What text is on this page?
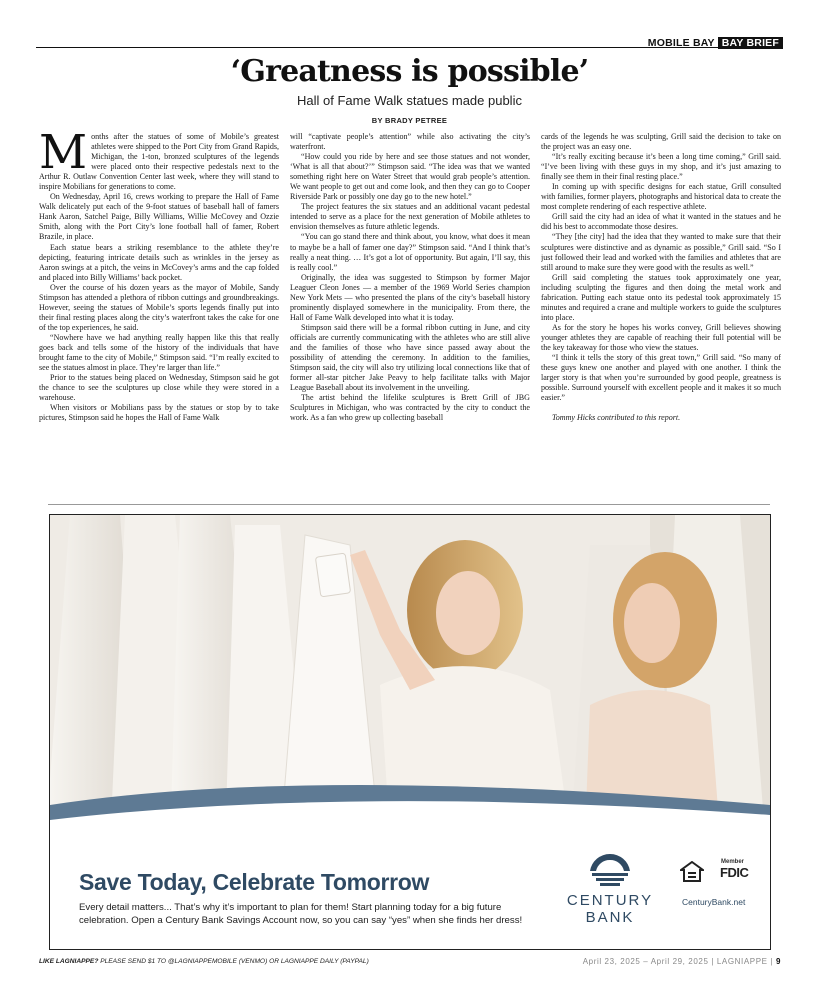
MOBILE BAY BAY BRIEF
‘Greatness is possible’
Hall of Fame Walk statues made public
BY BRADY PETREE

Months after the statues of some of Mobile’s greatest athletes were shipped to the Port City from Grand Rapids, Michigan, the 1-ton, bronzed sculptures of the legends were placed onto their respective pedestals next to the Arthur R. Outlaw Convention Center last week, where they will stand to inspire Mobilians for generations to come.

On Wednesday, April 16, crews working to prepare the Hall of Fame Walk delicately put each of the 9-foot statues of baseball hall of famers Hank Aaron, Satchel Paige, Billy Williams, Willie McCovey and Ozzie Smith, along with the Port City’s lone football hall of famer, Robert Brazile, in place.

Each statue bears a striking resemblance to the athlete they’re depicting, featuring intricate details such as wrinkles in the jersey as Aaron swings at a pitch, the veins in McCovey’s arms and the cap folded and placed into Billy Williams’ back pocket.

Over the course of his dozen years as the mayor of Mobile, Sandy Stimpson has attended a plethora of ribbon cuttings and groundbreakings. However, seeing the statues of Mobile’s sports legends finally put into their final resting places along the city’s waterfront takes the cake for one of the top experiences, he said.

“Nowhere have we had anything really happen like this that really goes back and tells some of the history of the individuals that have brought fame to the city of Mobile,” Stimpson said. “I’m really excited to see the statues almost in place. They’re larger than life.”

Prior to the statues being placed on Wednesday, Stimpson said he got the chance to see the sculptures up close while they were stored in a warehouse.

When visitors or Mobilians pass by the statues or stop by to take pictures, Stimpson said he hopes the Hall of Fame Walk

will “captivate people’s attention” while also activating the city’s waterfront.

“How could you ride by here and see those statues and not wonder, ‘What is all that about?’” Stimpson said. “The idea was that we wanted something right here on Water Street that would grab people’s attention. We want people to get out and come look, and then they can go to Cooper Riverside Park or possibly one day go to the new hotel.”

The project features the six statues and an additional vacant pedestal intended to serve as a place for the next generation of Mobile athletes to envision themselves as future athletic legends.

“You can go stand there and think about, you know, what does it mean to maybe be a hall of famer one day?” Stimpson said. “And I think that’s really a neat thing. … It’s got a lot of opportunity. But again, I’ll say, this is really cool.”

Originally, the idea was suggested to Stimpson by former Major Leaguer Cleon Jones — a member of the 1969 World Series champion New York Mets — who presented the plans of the city’s baseball history prominently displayed somewhere in the municipality. From there, the Hall of Fame Walk developed into what it is today.

Stimpson said there will be a formal ribbon cutting in June, and city officials are currently communicating with the athletes who are still alive and the families of those who have since passed away about the possibility of attending the ceremony. In addition to the families, Stimpson said, the city will also try utilizing local connections like that of former all-star pitcher Jake Peavy to help facilitate talks with Major League Baseball about its involvement in the unveiling.

The artist behind the lifelike sculptures is Brett Grill of JBG Sculptures in Michigan, who was contracted by the city to conduct the work. As a fan who grew up collecting baseball

cards of the legends he was sculpting, Grill said the decision to take on the project was an easy one.

“It’s really exciting because it’s been a long time coming,” Grill said. “I’ve been living with these guys in my shop, and it’s just amazing to finally see them in their final resting place.”

In coming up with specific designs for each statue, Grill consulted with families, former players, photographs and historical data to create the most complete rendering of each respective athlete.

Grill said the city had an idea of what it wanted in the statues and he did his best to accommodate those desires.

“They [the city] had the idea that they wanted to make sure that their sculptures were distinctive and as dynamic as possible,” Grill said. “So I just followed their lead and worked with the families and athletes that are still around to make sure they were good with the results as well.”

Grill said completing the statues took approximately one year, including sculpting the figures and then doing the metal work and fabrication. Putting each statue onto its pedestal took approximately 15 minutes and required a crane and multiple workers to guide the sculptures into place.

As for the story he hopes his works convey, Grill believes showing younger athletes they are capable of reaching their full potential will be the key takeaway for those who view the statues.

“I think it tells the story of this great town,” Grill said. “So many of these guys knew one another and played with one another. I think the larger story is that when you’re surrounded by good people, greatness is possible. Surround yourself with excellent people and it makes it so much easier.”

Tommy Hicks contributed to this report.

Save Today, Celebrate Tomorrow
Every detail matters... That’s why it’s important to plan for them! Start planning today for a big future celebration. Open a Century Bank Savings Account now, so you can say “yes” when she finds her dress!
CENTURY
BANK
Member
FDIC
CenturyBank.net
LIKE LAGNIAPPE? PLEASE SEND $1 TO @LAGNIAPPEMOBILE (VENMO) OR LAGNIAPPE DAILY (PAYPAL)	April 23, 2025 – April 29, 2025 | LAGNIAPPE | 9
